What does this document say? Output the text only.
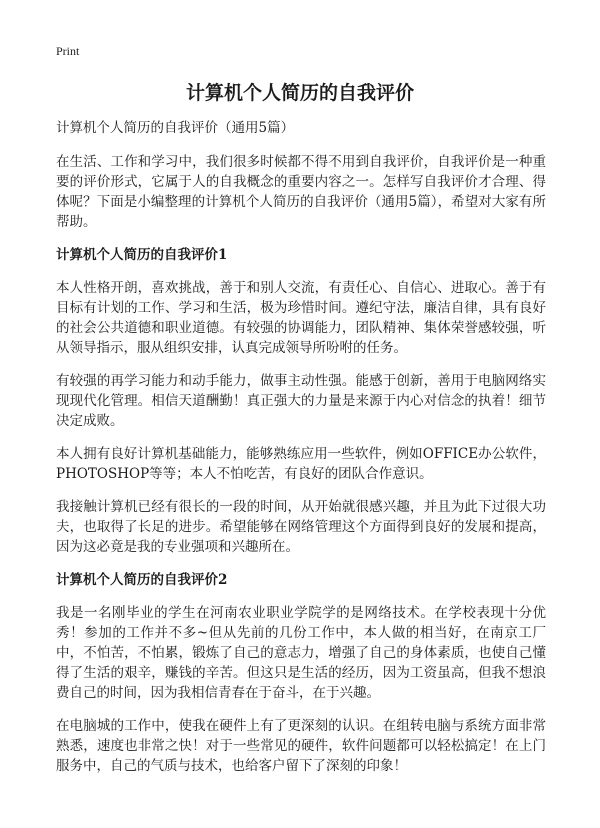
Print
计算机个人简历的自我评价

计算机个人简历的自我评价（通用5篇）

在生活、工作和学习中，我们很多时候都不得不用到自我评价，自我评价是一种重要的评价形式，它属于人的自我概念的重要内容之一。怎样写自我评价才合理、得体呢？下面是小编整理的计算机个人简历的自我评价（通用5篇），希望对大家有所帮助。

计算机个人简历的自我评价1

本人性格开朗，喜欢挑战，善于和别人交流，有责任心、自信心、进取心。善于有目标有计划的工作、学习和生活，极为珍惜时间。遵纪守法，廉洁自律，具有良好的社会公共道德和职业道德。有较强的协调能力，团队精神、集体荣誉感较强，听从领导指示，服从组织安排，认真完成领导所吩咐的任务。

有较强的再学习能力和动手能力，做事主动性强。能感于创新，善用于电脑网络实现现代化管理。相信天道酬勤！真正强大的力量是来源于内心对信念的执着！细节决定成败。

本人拥有良好计算机基础能力，能够熟练应用一些软件，例如OFFICE办公软件，PHOTOSHOP等等；本人不怕吃苦，有良好的团队合作意识。

我接触计算机已经有很长的一段的时间，从开始就很感兴趣，并且为此下过很大功夫，也取得了长足的进步。希望能够在网络管理这个方面得到良好的发展和提高，因为这必竟是我的专业强项和兴趣所在。

计算机个人简历的自我评价2

我是一名刚毕业的学生在河南农业职业学院学的是网络技术。在学校表现十分优秀！参加的工作并不多~但从先前的几份工作中，本人做的相当好，在南京工厂中，不怕苦，不怕累，锻炼了自己的意志力，增强了自己的身体素质，也使自己懂得了生活的艰辛，赚钱的辛苦。但这只是生活的经历，因为工资虽高，但我不想浪费自己的时间，因为我相信青春在于奋斗，在于兴趣。

在电脑城的工作中，使我在硬件上有了更深刻的认识。在组转电脑与系统方面非常熟悉，速度也非常之快！对于一些常见的硬件，软件问题都可以轻松搞定！在上门服务中，自己的气质与技术，也给客户留下了深刻的印象！
